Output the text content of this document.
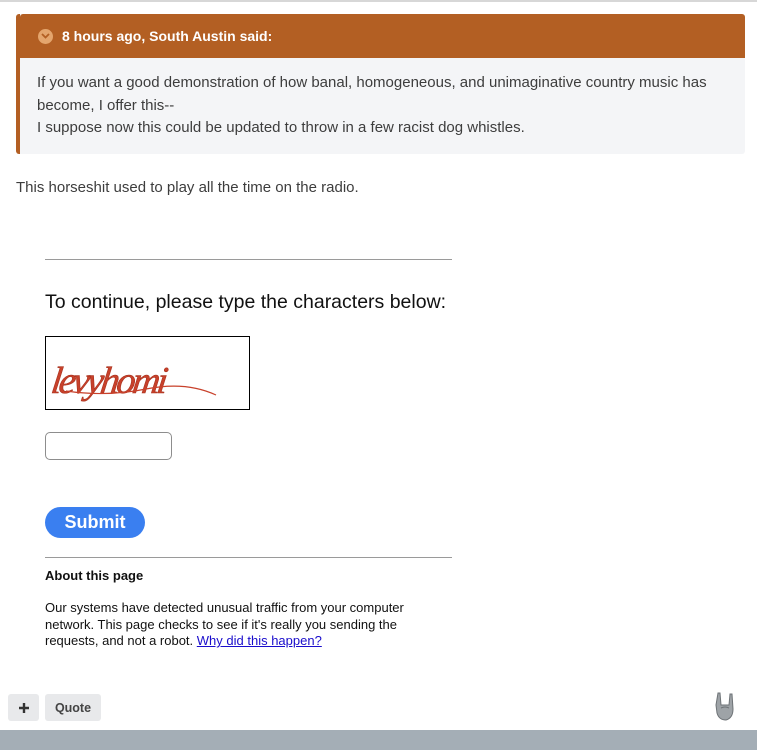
8 hours ago, South Austin said:
If you want a good demonstration of how banal, homogeneous, and unimaginative country music has become, I offer this--
I suppose now this could be updated to throw in a few racist dog whistles.
This horseshit used to play all the time on the radio.
To continue, please type the characters below:
levyhomi
Submit
About this page
Our systems have detected unusual traffic from your computer network. This page checks to see if it's really you sending the requests, and not a robot. Why did this happen?
Quote
